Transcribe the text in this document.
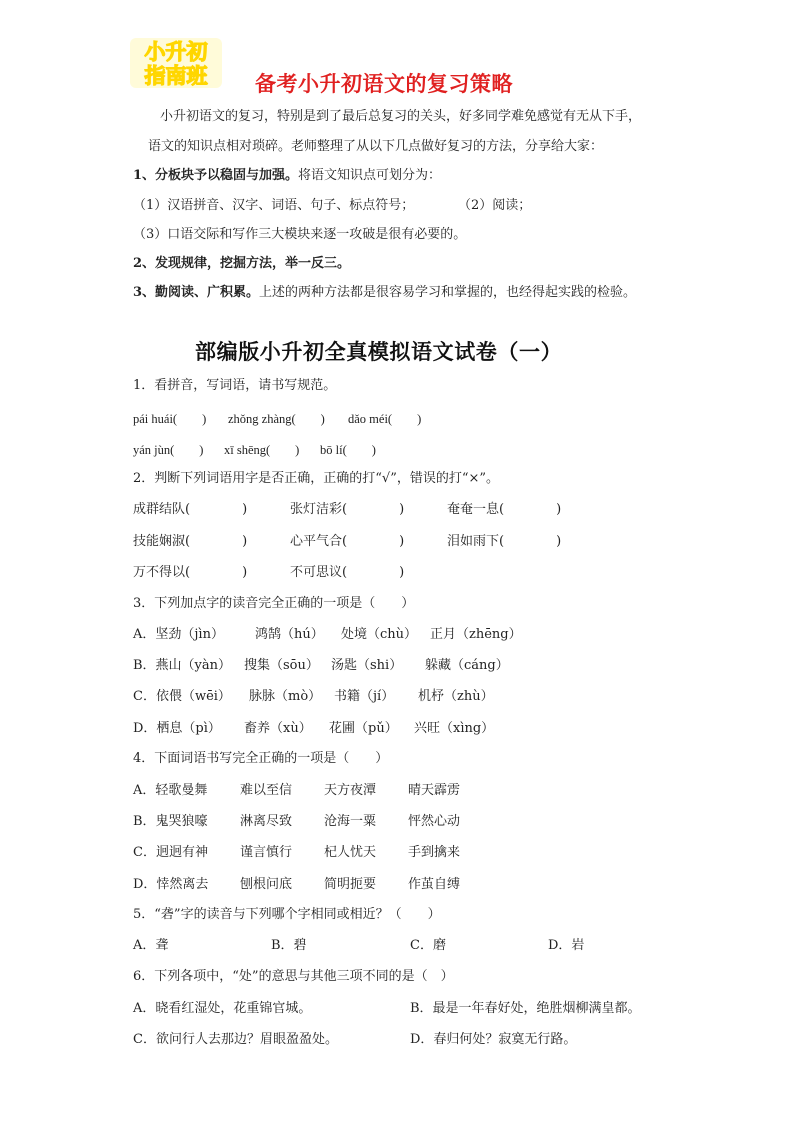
小升初
指南班 备考小升初语文的复习策略
小升初语文的复习，特别是到了最后总复习的关头，好多同学难免感觉有无从下手，
语文的知识点相对琐碎。老师整理了从以下几点做好复习的方法，分享给大家：
1、分板块予以稳固与加强。将语文知识点可划分为：
（1）汉语拼音、汉字、词语、句子、标点符号；	（2）阅读；
（3）口语交际和写作三大模块来逐一攻破是很有必要的。
2、发现规律，挖掘方法，举一反三。
3、勤阅读、广积累。上述的两种方法都是很容易学习和掌握的，也经得起实践的检验。
部编版小升初全真模拟语文试卷（一）
1．看拼音，写词语，请书写规范。
pái huái(　　) zhǒng zhàng(　　) dǎo méi(　　)
yán jùn(　　) xī shēng(　　) bō lí(　　)
2．判断下列词语用字是否正确，正确的打“√”，错误的打“×”。
成群结队(　　　　)	张灯洁彩(　　　　)	奄奄一息(　　　　)
技能娴淑(　　　　)	心平气合(　　　　)	泪如雨下(　　　　)
万不得以(　　　　)	不可思议(　　　　)
3．下列加点字的读音完全正确的一项是（　　）
A．坚劲（jìn） 鸿鹄（hú） 处境（chù） 正月（zhēng）
B．燕山（yàn） 搜集（sōu） 汤匙（shi） 躲藏（cáng）
C．依偎（wēi） 脉脉（mò） 书籍（jí） 机杼（zhù）
D．栖息（pì） 畜养（xù） 花圃（pǔ） 兴旺（xìng）
4．下面词语书写完全正确的一项是（　　）
A．轻歌曼舞	难以至信 天方夜潭 晴天霹雳
B．鬼哭狼嚎 淋离尽致 沧海一粟 怦然心动
C．迥迥有神 谨言慎行 杞人忧天 手到擒来
D．悻然离去 刨根问底 简明扼要 作茧自缚
5．“砻”字的读音与下列哪个字相同或相近？（　　）
A．聋	B．碧	C．磨	D．岩
6．下列各项中，“处”的意思与其他三项不同的是（　）
A．晓看红湿处，花重锦官城。	B．最是一年春好处，绝胜烟柳满皇都。
C．欲问行人去那边？眉眼盈盈处。	D．春归何处？寂寞无行路。
